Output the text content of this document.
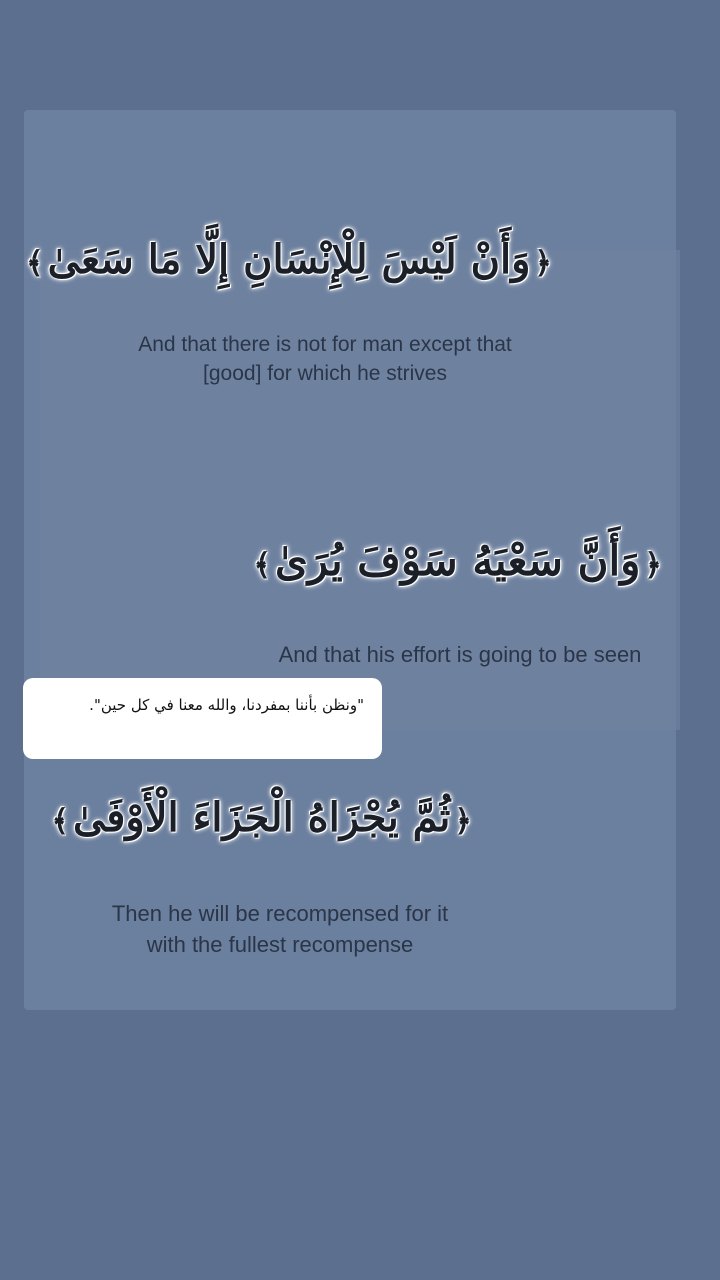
﴿وَأَنْ لَيْسَ لِلْإِنْسَانِ إِلَّا مَا سَعَىٰ﴾
And that there is not for man except that
[good] for which he strives
﴿وَأَنَّ سَعْيَهُ سَوْفَ يُرَىٰ﴾
And that his effort is going to be seen
﴿ثُمَّ يُجْزَاهُ الْجَزَاءَ الْأَوْفَىٰ﴾
Then he will be recompensed for it
with the fullest recompense
"ونظن بأننا بمفردنا، والله معنا في كل حين".
